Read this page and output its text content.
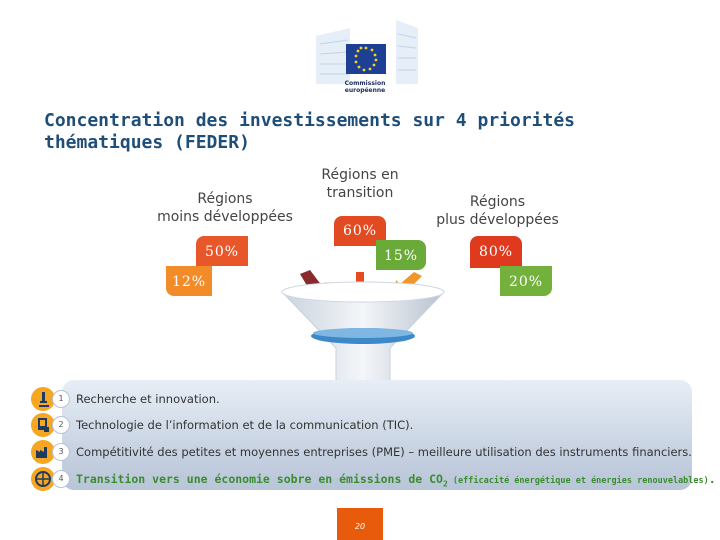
Commission
européenne
Concentration des investissements sur 4 priorités
thématiques (FEDER)
Régions
moins développées
Régions en
transition
Régions
plus développées
50%
12%
60%
15%	80%
20%
1	Recherche et innovation.
2	Technologie de l’information et de la communication (TIC).
3	Compétitivité des petites et moyennes entreprises (PME) – meilleure utilisation des instruments financiers.
4	Transition vers une économie sobre en émissions de $CO_2$ (efficacité énergétique et énergies renouvelables).
20
